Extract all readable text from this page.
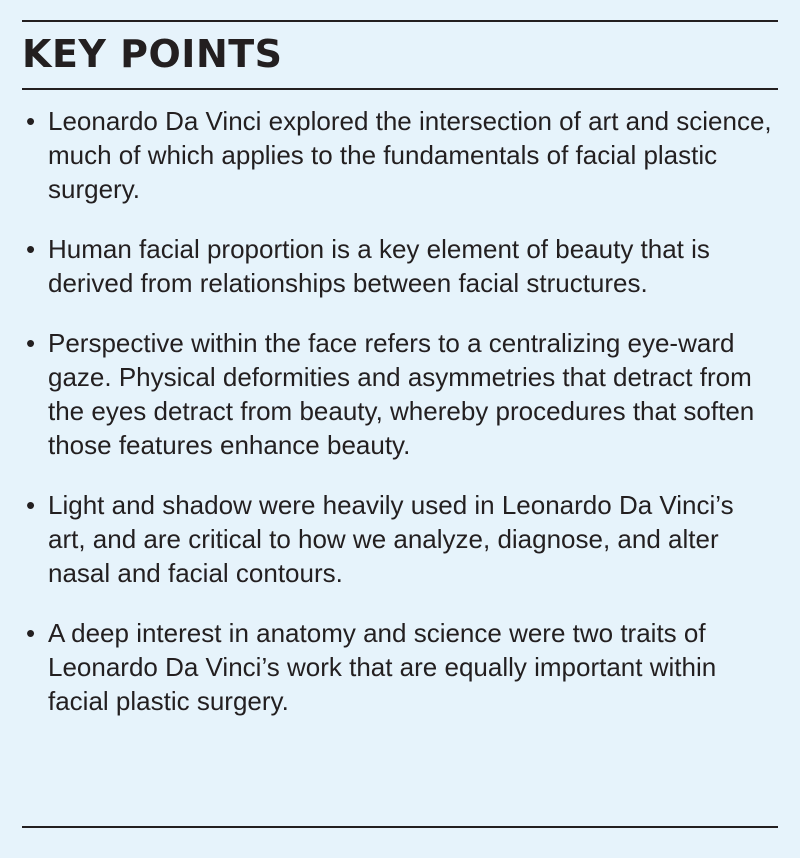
KEY POINTS
• Leonardo Da Vinci explored the intersection of art and science, much of which applies to the fundamentals of facial plastic surgery.
• Human facial proportion is a key element of beauty that is derived from relationships between facial structures.
• Perspective within the face refers to a centralizing eye-ward gaze. Physical deformities and asymmetries that detract from the eyes detract from beauty, whereby procedures that soften those features enhance beauty.
• Light and shadow were heavily used in Leonardo Da Vinci’s art, and are critical to how we analyze, diagnose, and alter nasal and facial contours.
• A deep interest in anatomy and science were two traits of Leonardo Da Vinci’s work that are equally important within facial plastic surgery.
